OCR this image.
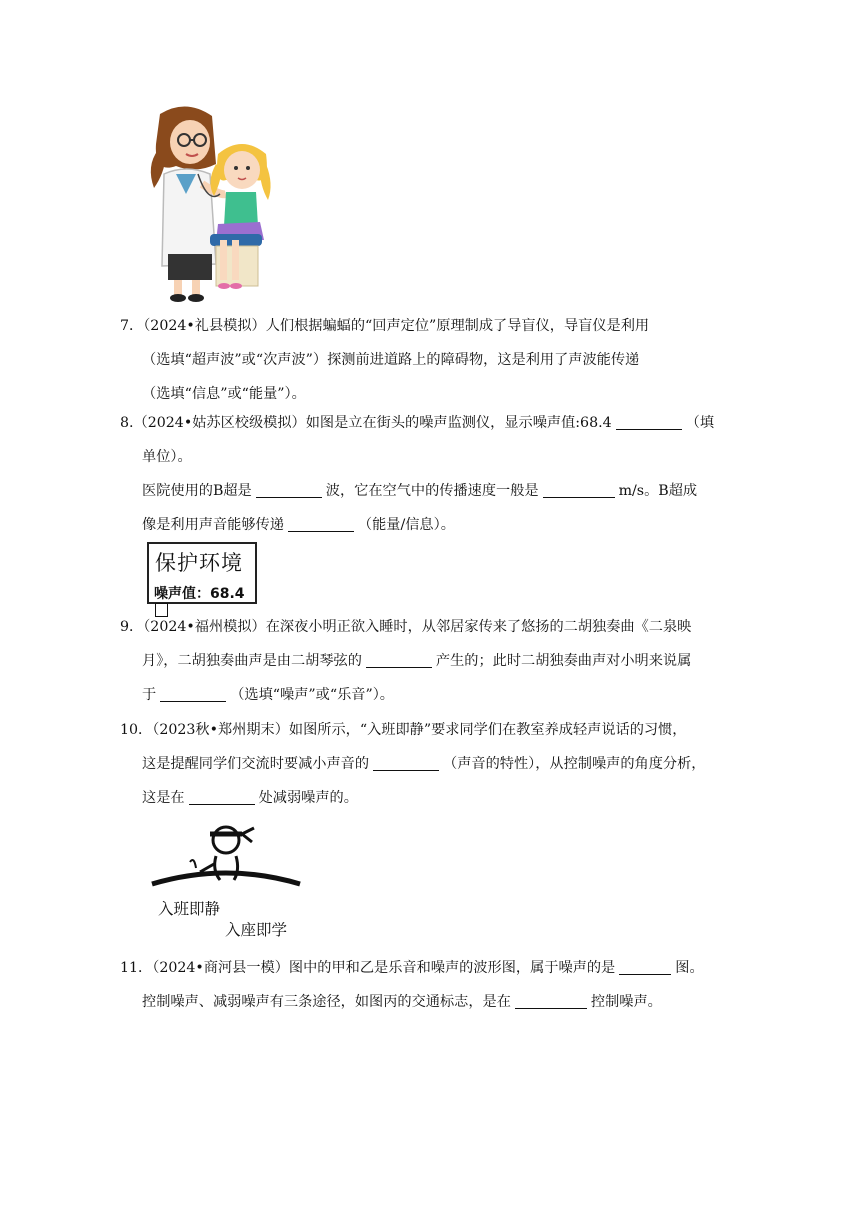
7．（2024•礼县模拟）人们根据蝙蝠的“回声定位”原理制成了导盲仪，导盲仪是利用
（选填“超声波”或“次声波”）探测前进道路上的障碍物，这是利用了声波能传递
（选填“信息”或“能量”）。
8.（2024•姑苏区校级模拟）如图是立在街头的噪声监测仪，显示噪声值:68.4	（填
单位）。
医院使用的B超是	波，它在空气中的传播速度一般是	m/s。B超成
像是利用声音能够传递	（能量/信息）。
保护环境
噪声值：68.4
9．（2024•福州模拟）在深夜小明正欲入睡时，从邻居家传来了悠扬的二胡独奏曲《二泉映
月》，二胡独奏曲声是由二胡琴弦的	产生的；此时二胡独奏曲声对小明来说属
于	（选填“噪声”或“乐音”）。
10．（2023秋•郑州期末）如图所示，“入班即静”要求同学们在教室养成轻声说话的习惯，
这是提醒同学们交流时要减小声音的	（声音的特性），从控制噪声的角度分析，
这是在	处减弱噪声的。
入班即静
入座即学
11．（2024•商河县一模）图中的甲和乙是乐音和噪声的波形图，属于噪声的是	图。
控制噪声、减弱噪声有三条途径，如图丙的交通标志，是在	控制噪声。
